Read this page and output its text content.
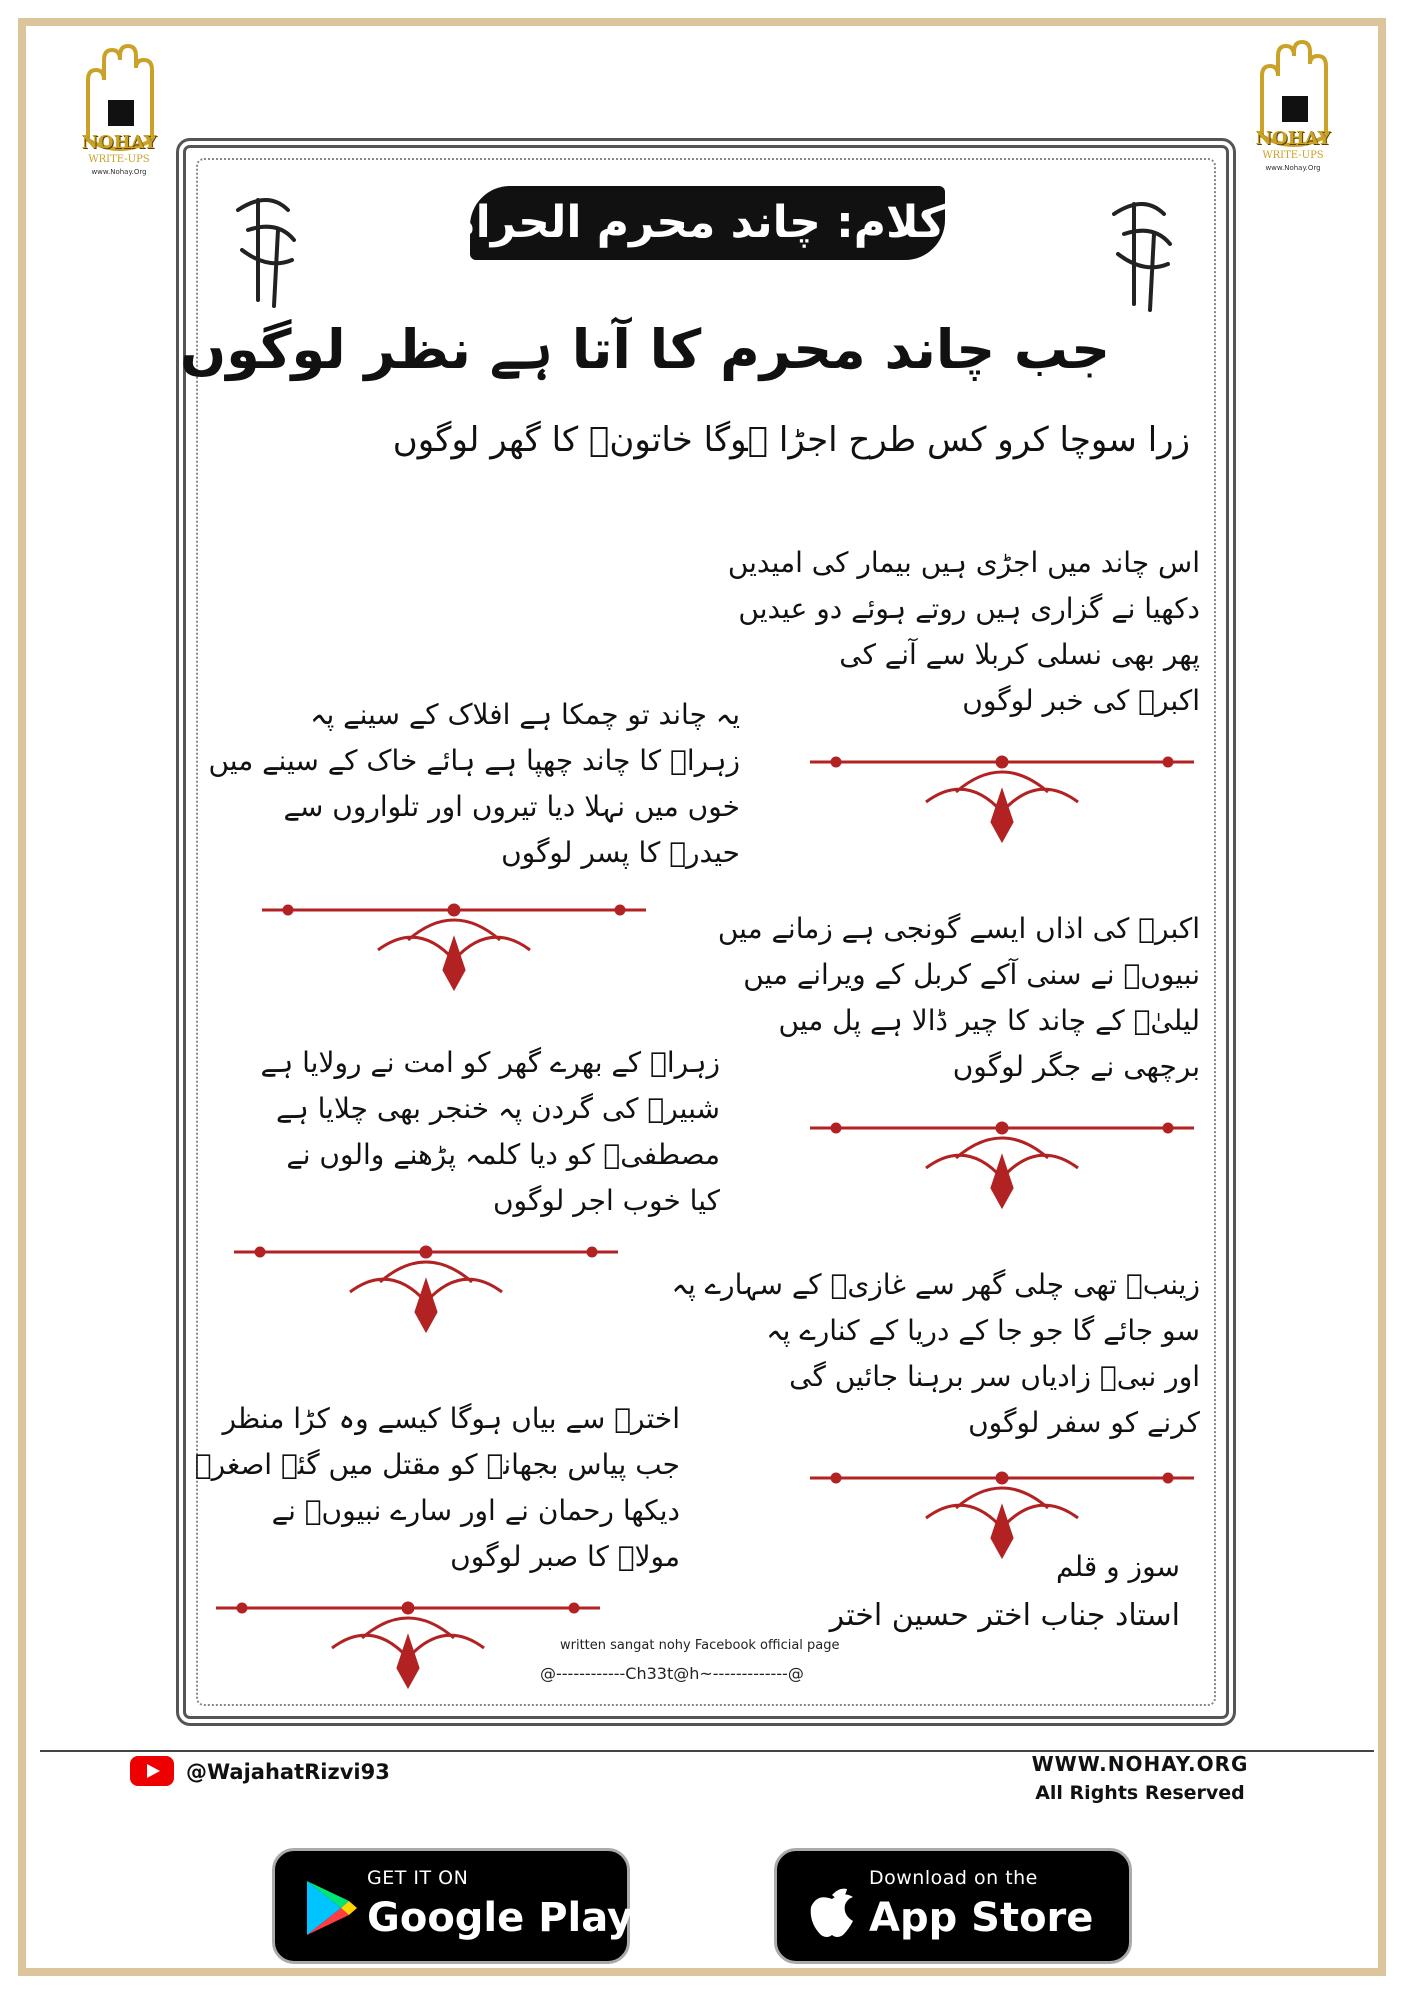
NOHAY
WRITE-UPS
www.Nohay.Org
NOHAY
WRITE-UPS
www.Nohay.Org
کلام: چاند محرم الحرام
جب چاند محرم کا آتا ہے نظر لوگوں
زرا سوچا کرو کس طرح اجڑا ہوگا خاتونؑ کا گھر لوگوں
اس چاند میں اجڑی ہیں بیمار کی امیدیں
دکھیا نے گزاری ہیں روتے ہوئے دو عیدیں
پھر بھی نسلی کربلا سے آنے کی
اکبرؑ کی خبر لوگوں
یہ چاند تو چمکا ہے افلاک کے سینے پہ
زہراؑ کا چاند چھپا ہے ہائے خاک کے سینے میں
خوں میں نہلا دیا تیروں اور تلواروں سے
حیدرؑ کا پسر لوگوں
اکبرؑ کی اذاں ایسے گونجی ہے زمانے میں
نبیوںؑ نے سنی آکے کربل کے ویرانے میں
لیلیٰؑ کے چاند کا چیر ڈالا ہے پل میں
برچھی نے جگر لوگوں
زہراؑ کے بھرے گھر کو امت نے رولایا ہے
شبیرؑ کی گردن پہ خنجر بھی چلایا ہے
مصطفیؐ کو دیا کلمہ پڑھنے والوں نے
کیا خوب اجر لوگوں
زینبؑ تھی چلی گھر سے غازیؑ کے سہارے پہ
سو جائے گا جو جا کے دریا کے کنارے پہ
اور نبیؐ زادیاں سر برہنا جائیں گی
کرنے کو سفر لوگوں
اخترؔ سے بیاں ہوگا کیسے وہ کڑا منظر
جب پیاس بجھانے کو مقتل میں گئے اصغرؑ
دیکھا رحمان نے اور سارے نبیوںؑ نے
مولاؑ کا صبر لوگوں	سوز و قلم
استاد جناب اختر حسین اختر
written sangat nohy Facebook official page
@------------Ch33t@h~-------------@
@WajahatRizvi93	WWW.NOHAY.ORG
All Rights Reserved
GET IT ON
Google Play
Download on the
App Store
